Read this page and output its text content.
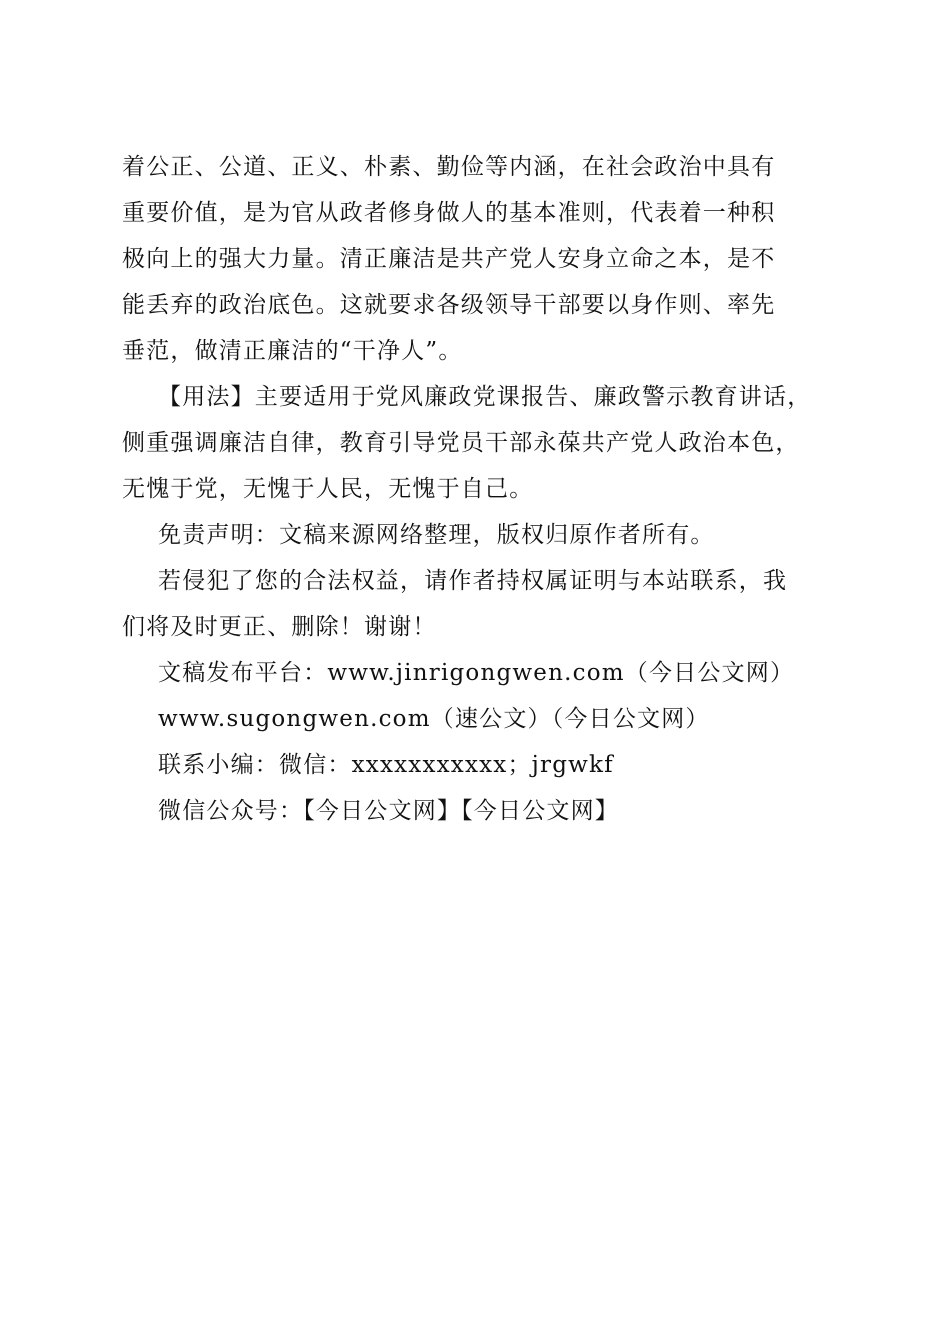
着公正、公道、正义、朴素、勤俭等内涵，在社会政治中具有
重要价值，是为官从政者修身做人的基本准则，代表着一种积
极向上的强大力量。清正廉洁是共产党人安身立命之本，是不
能丢弃的政治底色。这就要求各级领导干部要以身作则、率先
垂范，做清正廉洁的“干净人”。
【用法】主要适用于党风廉政党课报告、廉政警示教育讲话，
侧重强调廉洁自律，教育引导党员干部永葆共产党人政治本色，
无愧于党，无愧于人民，无愧于自己。
免责声明：文稿来源网络整理，版权归原作者所有。
若侵犯了您的合法权益，请作者持权属证明与本站联系，我
们将及时更正、删除！谢谢！
文稿发布平台：www.jinrigongwen.com（今日公文网）
www.sugongwen.com（速公文）（今日公文网）
联系小编：微信：xxxxxxxxxxx；jrgwkf
微信公众号：【今日公文网】【今日公文网】
